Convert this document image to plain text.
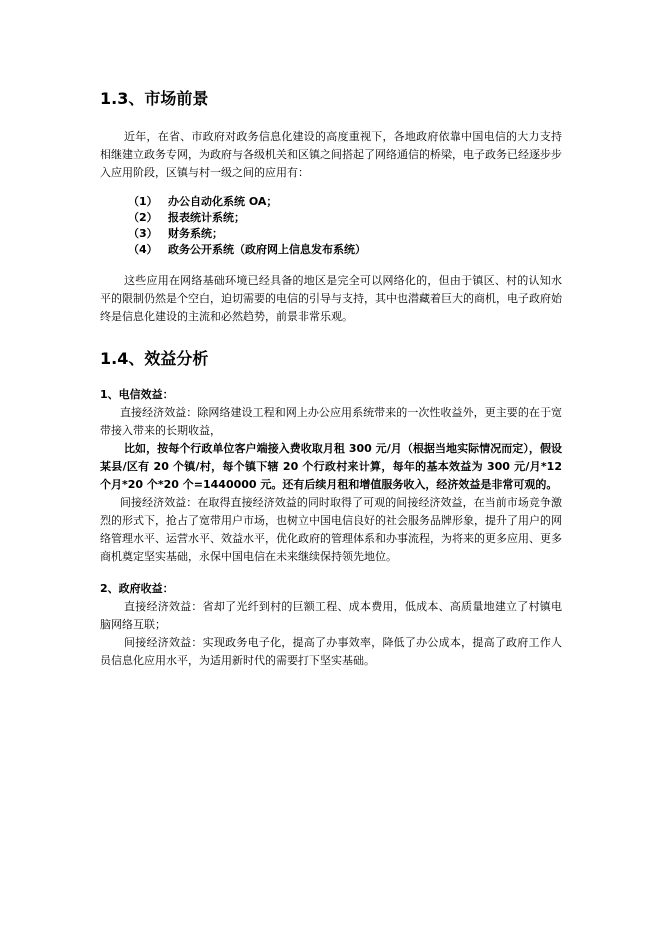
1.3、市场前景

近年，在省、市政府对政务信息化建设的高度重视下，各地政府依靠中国电信的大力支持相继建立政务专网，为政府与各级机关和区镇之间搭起了网络通信的桥梁，电子政务已经逐步步入应用阶段，区镇与村一级之间的应用有：

（1） 办公自动化系统 OA；
（2） 报表统计系统；
（3） 财务系统；
（4） 政务公开系统（政府网上信息发布系统）

这些应用在网络基础环境已经具备的地区是完全可以网络化的，但由于镇区、村的认知水平的限制仍然是个空白，迫切需要的电信的引导与支持，其中也潜藏着巨大的商机，电子政府始终是信息化建设的主流和必然趋势，前景非常乐观。

1.4、效益分析

1、电信效益：

直接经济效益：除网络建设工程和网上办公应用系统带来的一次性收益外，更主要的在于宽带接入带来的长期收益，

比如，按每个行政单位客户端接入费收取月租 300 元/月（根据当地实际情况而定），假设某县/区有 20 个镇/村，每个镇下辖 20 个行政村来计算，每年的基本效益为 300 元/月*12 个月*20 个*20 个=1440000 元。还有后续月租和增值服务收入，经济效益是非常可观的。

间接经济效益：在取得直接经济效益的同时取得了可观的间接经济效益，在当前市场竞争激烈的形式下，抢占了宽带用户市场，也树立中国电信良好的社会服务品牌形象，提升了用户的网络管理水平、运营水平、效益水平，优化政府的管理体系和办事流程，为将来的更多应用、更多商机奠定坚实基础，永保中国电信在未来继续保持领先地位。

2、政府收益：

直接经济效益：省却了光纤到村的巨额工程、成本费用，低成本、高质量地建立了村镇电脑网络互联；

间接经济效益：实现政务电子化，提高了办事效率，降低了办公成本，提高了政府工作人员信息化应用水平，为适用新时代的需要打下坚实基础。
